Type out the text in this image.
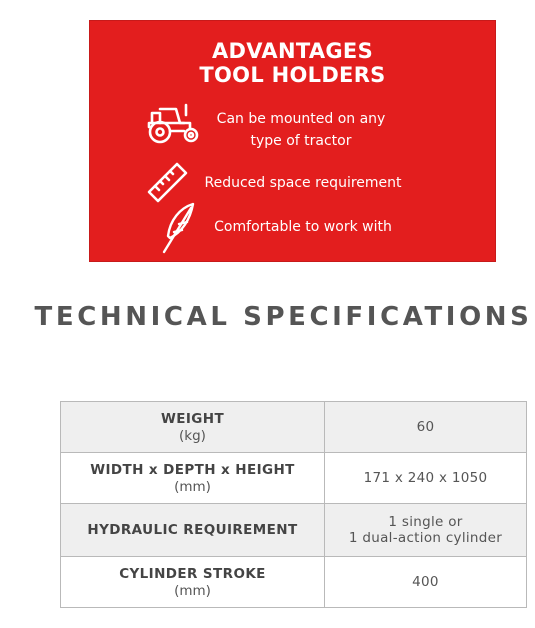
ADVANTAGES
TOOL HOLDERS
Can be mounted on any
type of tractor
Reduced space requirement
Comfortable to work with
TECHNICAL SPECIFICATIONS
WEIGHT
(kg)	60

WIDTH x DEPTH x HEIGHT
(mm)	171 x 240 x 1050

HYDRAULIC REQUIREMENT	1 single or
1 dual-action cylinder

CYLINDER STROKE
(mm)	400
